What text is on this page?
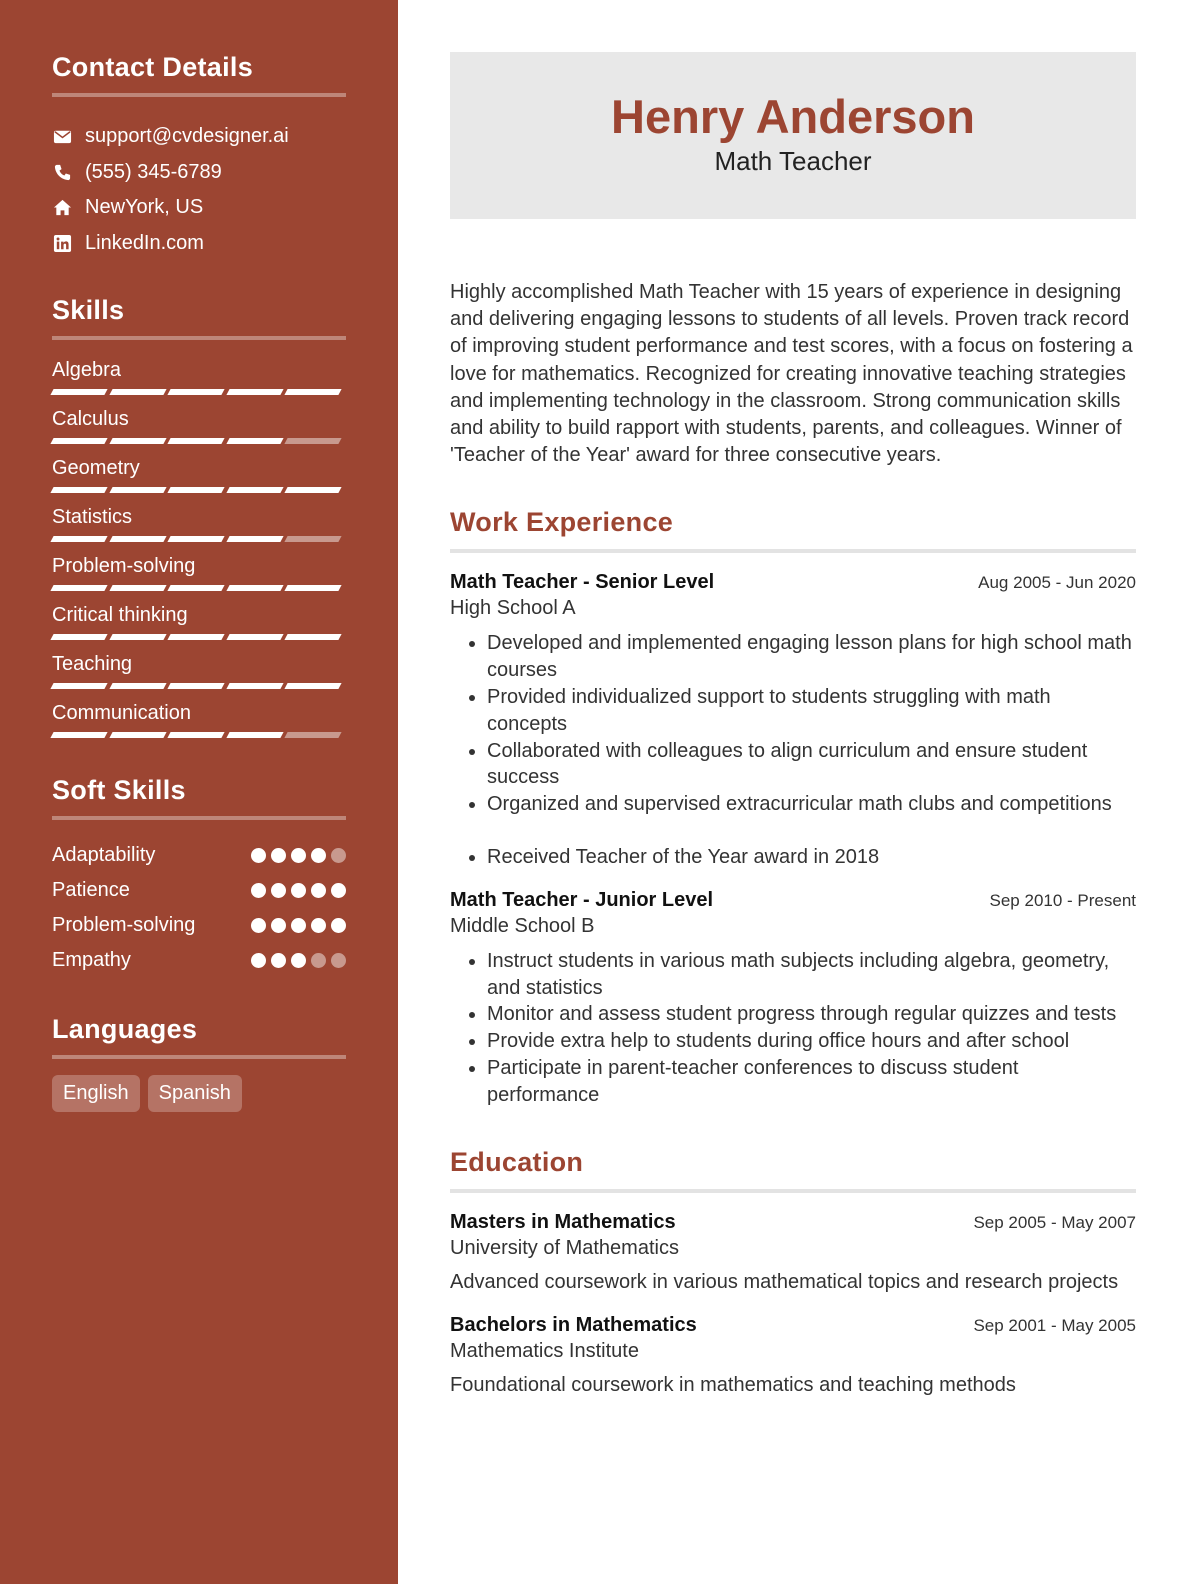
Contact Details
support@cvdesigner.ai
(555) 345-6789
NewYork, US
LinkedIn.com
Skills
Algebra
Calculus
Geometry
Statistics
Problem-solving
Critical thinking
Teaching
Communication
Soft Skills
Adaptability
Patience
Problem-solving
Empathy
Languages
English	Spanish
Henry Anderson
Math Teacher

Highly accomplished Math Teacher with 15 years of experience in designing and delivering engaging lessons to students of all levels. Proven track record of improving student performance and test scores, with a focus on fostering a love for mathematics. Recognized for creating innovative teaching strategies and implementing technology in the classroom. Strong communication skills and ability to build rapport with students, parents, and colleagues. Winner of 'Teacher of the Year' award for three consecutive years.

Work Experience
Math Teacher - Senior Level	Aug 2005 - Jun 2020
High School A
• Developed and implemented engaging lesson plans for high school math courses
• Provided individualized support to students struggling with math concepts
• Collaborated with colleagues to align curriculum and ensure student success
• Organized and supervised extracurricular math clubs and competitions
• Received Teacher of the Year award in 2018
Math Teacher - Junior Level	Sep 2010 - Present
Middle School B
• Instruct students in various math subjects including algebra, geometry, and statistics
• Monitor and assess student progress through regular quizzes and tests
• Provide extra help to students during office hours and after school
• Participate in parent-teacher conferences to discuss student performance
Education
Masters in Mathematics	Sep 2005 - May 2007
University of Mathematics
Advanced coursework in various mathematical topics and research projects
Bachelors in Mathematics	Sep 2001 - May 2005
Mathematics Institute
Foundational coursework in mathematics and teaching methods
